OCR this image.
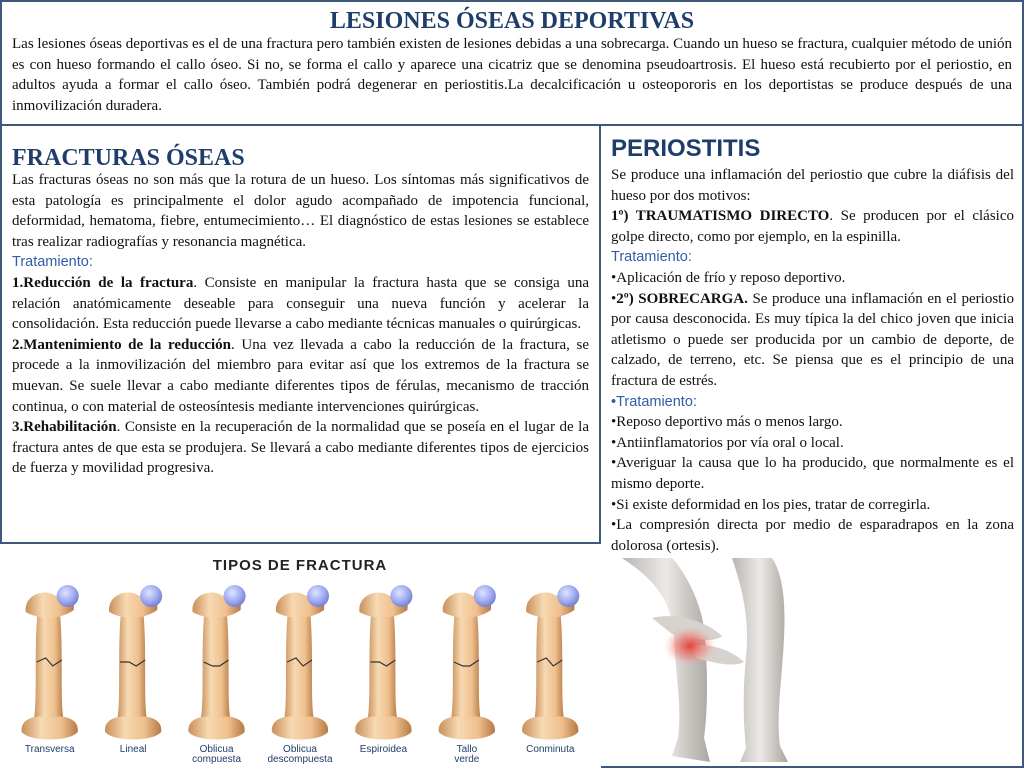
LESIONES ÓSEAS DEPORTIVAS

Las lesiones óseas deportivas es el de una fractura pero también existen de lesiones debidas a una sobrecarga. Cuando un hueso se fractura, cualquier método de unión es con hueso formando el callo óseo. Si no, se forma el callo y aparece una cicatriz que se denomina pseudoartrosis. El hueso está recubierto por el periostio, en adultos ayuda a formar el callo óseo. También podrá degenerar en periostitis.La decalcificación u osteopororis en los deportistas se produce después de una inmovilización duradera.

FRACTURAS ÓSEAS

Las fracturas óseas no son más que la rotura de un hueso. Los síntomas más significativos de esta patología es principalmente el dolor agudo acompañado de impotencia funcional, deformidad, hematoma, fiebre, entumecimiento… El diagnóstico de estas lesiones se establece tras realizar radiografías y resonancia magnética.

Tratamiento:

1.Reducción de la fractura. Consiste en manipular la fractura hasta que se consiga una relación anatómicamente deseable para conseguir una nueva función y acelerar la consolidación. Esta reducción puede llevarse a cabo mediante técnicas manuales o quirúrgicas.

2.Mantenimiento de la reducción. Una vez llevada a cabo la reducción de la fractura, se procede a la inmovilización del miembro para evitar así que los extremos de la fractura se muevan. Se suele llevar a cabo mediante diferentes tipos de férulas, mecanismo de tracción continua, o con material de osteosíntesis mediante intervenciones quirúrgicas.

3.Rehabilitación. Consiste en la recuperación de la normalidad que se poseía en el lugar de la fractura antes de que esta se produjera. Se llevará a cabo mediante diferentes tipos de ejercicios de fuerza y movilidad progresiva.

PERIOSTITIS

Se produce una inflamación del periostio que cubre la diáfisis del hueso por dos motivos:

1º) TRAUMATISMO DIRECTO. Se producen por el clásico golpe directo, como por ejemplo, en la espinilla.

Tratamiento:

•Aplicación de frío y reposo deportivo.

•2º) SOBRECARGA. Se produce una inflamación en el periostio por causa desconocida. Es muy típica la del chico joven que inicia atletismo o puede ser producida por un cambio de deporte, de calzado, de terreno, etc. Se piensa que es el principio de una fractura de estrés.

•Tratamiento:

•Reposo deportivo más o menos largo.

•Antiinflamatorios por vía oral o local.

•Averiguar la causa que lo ha producido, que normalmente es el mismo deporte.

•Si existe deformidad en los pies, tratar de corregirla.

•La compresión directa por medio de esparadrapos en la zona dolorosa (ortesis).

TIPOS DE FRACTURA
Transversa	Lineal	Oblicua compuesta
Oblicua descompuesta
Espiroidea	Tallo verde
Conminuta
